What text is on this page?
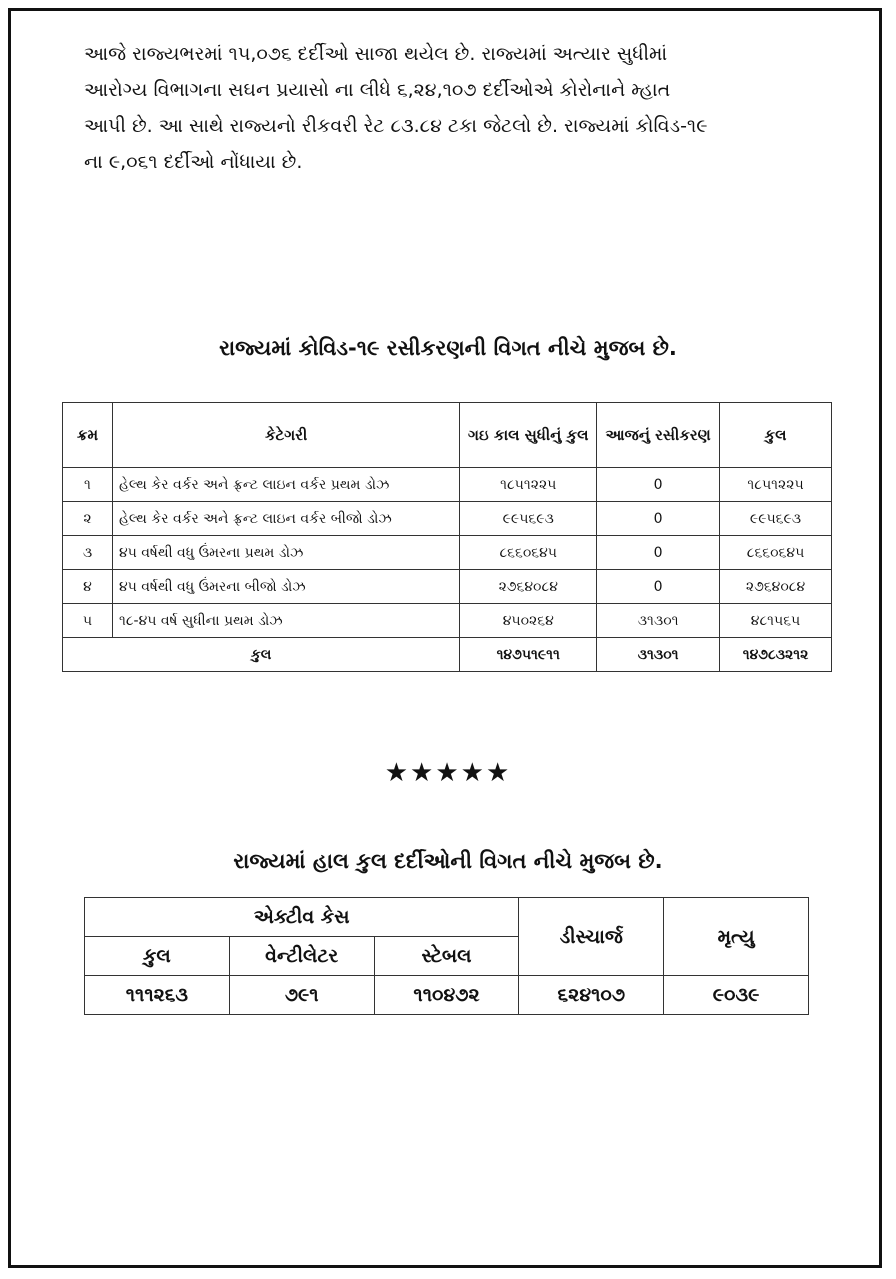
આજે રાજ્યભરમાં ૧૫,૦૭૬ દર્દીઓ સાજા થયેલ છે. રાજ્યમાં અત્યાર સુધીમાં
આરોગ્ય વિભાગના સઘન પ્રયાસો ના લીધે ૬,૨૪,૧૦૭ દર્દીઓએ કોરોનાને મ્હાત
આપી છે. આ સાથે રાજ્યનો રીકવરી રેટ ૮૩.૮૪ ટકા જેટલો છે. રાજ્યમાં કોવિડ-૧૯
ના ૯,૦૬૧ દર્દીઓ નોંધાયા છે.

રાજ્યમાં કોવિડ-૧૯ રસીકરણની વિગત નીચે મુજબ છે.
ક્રમ	કેટેગરી	ગઇ કાલ સુધીનું કુલ	આજનું રસીકરણ	કુલ
૧	હેલ્થ કેર વર્કર અને ફ્રન્ટ લાઇન વર્કર પ્રથમ ડોઝ	૧૮૫૧૨૨૫	0	૧૮૫૧૨૨૫
૨	હેલ્થ કેર વર્કર અને ફ્રન્ટ લાઇન વર્કર બીજો ડોઝ	૯૯૫૬૯૩	0	૯૯૫૬૯૩
૩	૪૫ વર્ષથી વધુ ઉંમરના પ્રથમ ડોઝ	૮૬૬૦૬૪૫	0	૮૬૬૦૬૪૫
૪	૪૫ વર્ષથી વધુ ઉંમરના બીજો ડોઝ	૨૭૬૪૦૮૪	0	૨૭૬૪૦૮૪
૫	૧૮-૪૫ વર્ષ સુધીના પ્રથમ ડોઝ	૪૫૦૨૬૪	૩૧૩૦૧	૪૮૧૫૬૫
કુલ		૧૪૭૫૧૯૧૧	૩૧૩૦૧	૧૪૭૮૩૨૧૨
★★★★★
રાજ્યમાં હાલ કુલ દર્દીઓની વિગત નીચે મુજબ છે.
એક્ટીવ કેસ			ડીસ્ચાર્જ	મૃત્યુ
કુલ	વેન્ટીલેટર	સ્ટેબલ		
૧૧૧૨૬૩	૭૯૧	૧૧૦૪૭૨	૬૨૪૧૦૭	૯૦૩૯
